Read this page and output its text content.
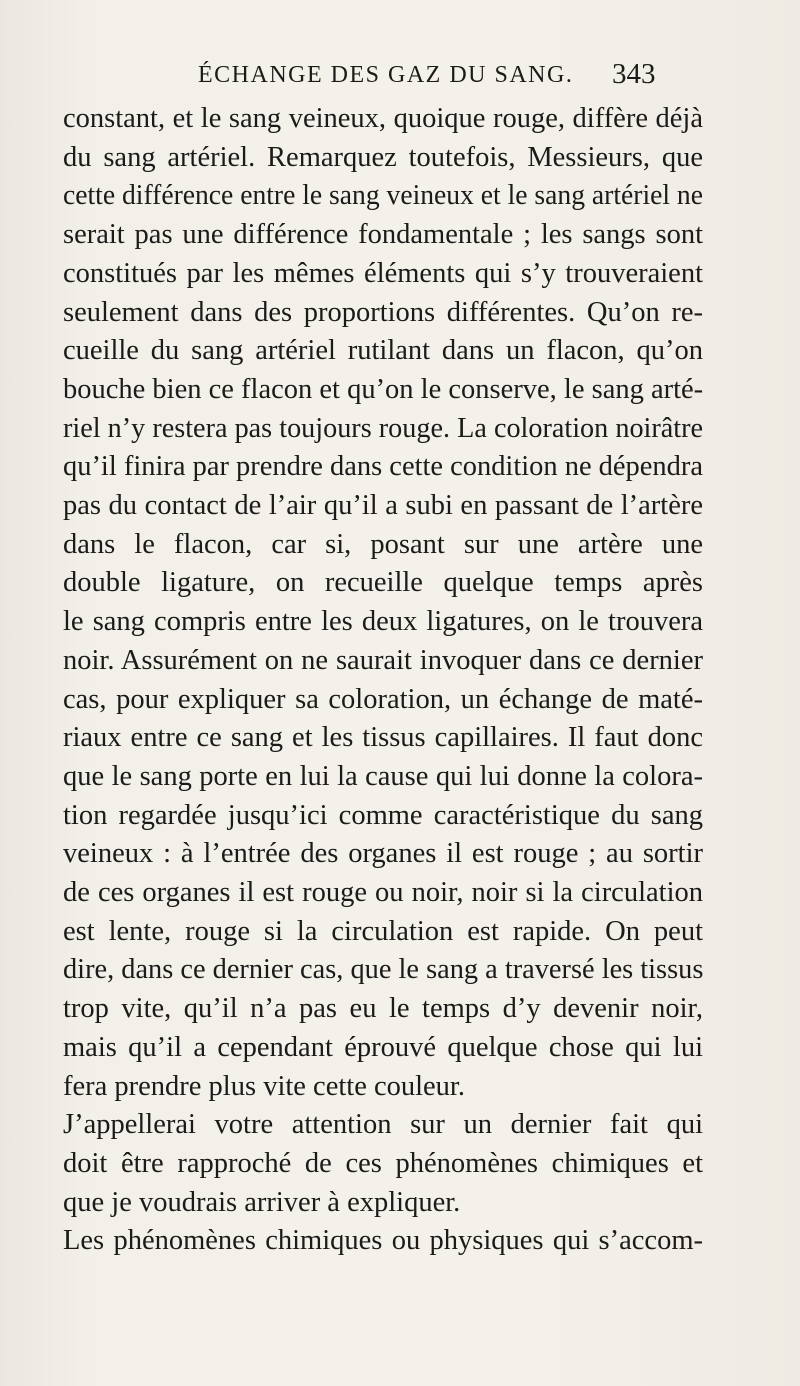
ÉCHANGE DES GAZ DU SANG. 343
constant, et le sang veineux, quoique rouge, diffère déjà
du sang artériel. Remarquez toutefois, Messieurs, que
cette différence entre le sang veineux et le sang artériel ne
serait pas une différence fondamentale ; les sangs sont
constitués par les mêmes éléments qui s’y trouveraient
seulement dans des proportions différentes. Qu’on re-
cueille du sang artériel rutilant dans un flacon, qu’on
bouche bien ce flacon et qu’on le conserve, le sang arté-
riel n’y restera pas toujours rouge. La coloration noirâtre
qu’il finira par prendre dans cette condition ne dépendra
pas du contact de l’air qu’il a subi en passant de l’artère
dans le flacon, car si, posant sur une artère une
double ligature, on recueille quelque temps après
le sang compris entre les deux ligatures, on le trouvera
noir. Assurément on ne saurait invoquer dans ce dernier
cas, pour expliquer sa coloration, un échange de maté-
riaux entre ce sang et les tissus capillaires. Il faut donc
que le sang porte en lui la cause qui lui donne la colora-
tion regardée jusqu’ici comme caractéristique du sang
veineux : à l’entrée des organes il est rouge ; au sortir
de ces organes il est rouge ou noir, noir si la circulation
est lente, rouge si la circulation est rapide. On peut
dire, dans ce dernier cas, que le sang a traversé les tissus
trop vite, qu’il n’a pas eu le temps d’y devenir noir,
mais qu’il a cependant éprouvé quelque chose qui lui
fera prendre plus vite cette couleur.
J’appellerai votre attention sur un dernier fait qui
doit être rapproché de ces phénomènes chimiques et
que je voudrais arriver à expliquer.
Les phénomènes chimiques ou physiques qui s’accom-
